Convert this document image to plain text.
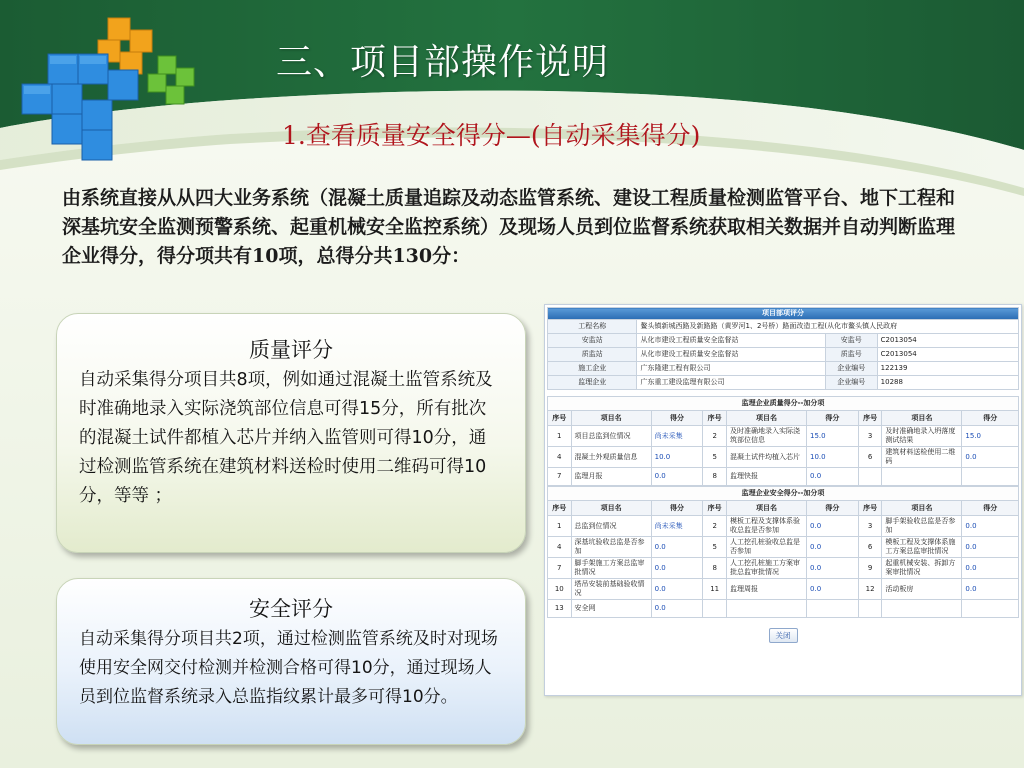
三、项目部操作说明
1.查看质量安全得分—(自动采集得分)
由系统直接从从四大业务系统（混凝土质量追踪及动态监管系统、建设工程质量检测监管平台、地下工程和深基坑安全监测预警系统、起重机械安全监控系统）及现场人员到位监督系统获取相关数据并自动判断监理企业得分，得分项共有10项，总得分共130分：
质量评分
自动采集得分项目共8项，例如通过混凝土监管系统及时准确地录入实际浇筑部位信息可得15分，所有批次的混凝土试件都植入芯片并纳入监管则可得10分，通过检测监管系统在建筑材料送检时使用二维码可得10分，等等 ；
安全评分
自动采集得分项目共2项，通过检测监管系统及时对现场使用安全网交付检测并检测合格可得10分，通过现场人员到位监督系统录入总监指纹累计最多可得10分。
项目部项评分			
工程名称	鳌头镇新城西路及新路路（黄罗河1、2号桥）路面改造工程(从化市鳌头镇人民政府		
安监站	从化市建设工程质量安全监督站	安监号	C2013054
质监站	从化市建设工程质量安全监督站	质监号	C2013054
施工企业	广东隆建工程有限公司	企业编号	122139
监理企业	广东重工建设监理有限公司	企业编号	10288
监理企业质量得分--加分项								
序号	项目名	得分	序号	项目名	得分	序号	项目名	得分
1	项目总监到位情况	尚未采集	2	及时准确地录入实际浇筑部位信息	15.0	3	及时准确地录入坍落度测试结果	15.0
4	混凝土外观质量信息	10.0	5	混凝土试件均植入芯片	10.0	6	建筑材料送检使用二维码	0.0
7	监理月报	0.0	8	监理快报	0.0			
监理企业安全得分--加分项								
序号	项目名	得分	序号	项目名	得分	序号	项目名	得分
1	总监到位情况	尚未采集	2	模板工程及支撑体系验收总监是否参加	0.0	3	脚手架验收总监是否参加	0.0
4	深基坑验收总监是否参加	0.0	5	人工挖孔桩验收总监是否参加	0.0	6	模板工程及支撑体系施工方案总监审批情况	0.0
7	脚手架施工方案总监审批情况	0.0	8	人工挖孔桩施工方案审批总监审批情况	0.0	9	起重机械安装、拆卸方案审批情况	0.0
10	塔吊安装前基础验收情况	0.0	11	监理周报	0.0	12	活动板房	0.0
13	安全网	0.0						
关闭
